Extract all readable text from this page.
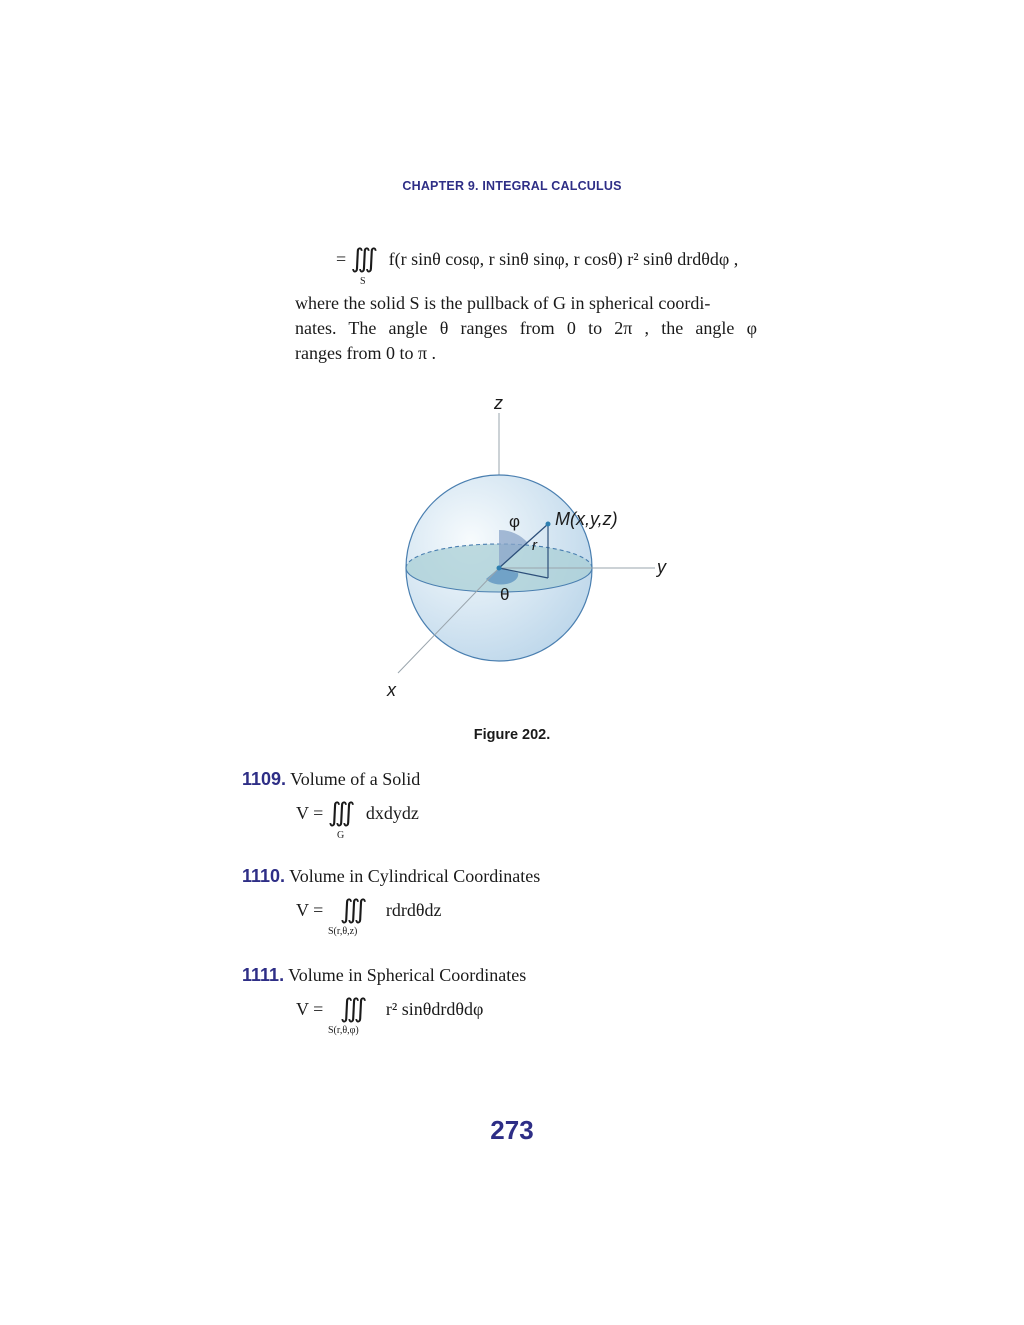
CHAPTER 9. INTEGRAL CALCULUS
= ∭ f(r sinθ cosφ, r sinθ sinφ, r cosθ) r² sinθ drdθdφ ,
S
where the solid S is the pullback of G in spherical coordi-
nates. The angle θ ranges from 0 to 2π , the angle φ
ranges from 0 to π .
z
y
x
M(x,y,z)
r
φ
θ
Figure 202.
1109. Volume of a Solid
V = ∭ dxdydz
G
1110. Volume in Cylindrical Coordinates
V = ∭ rdrdθdz
S(r,θ,z)
1111. Volume in Spherical Coordinates
V = ∭ r² sinθdrdθdφ
S(r,θ,φ)
273
